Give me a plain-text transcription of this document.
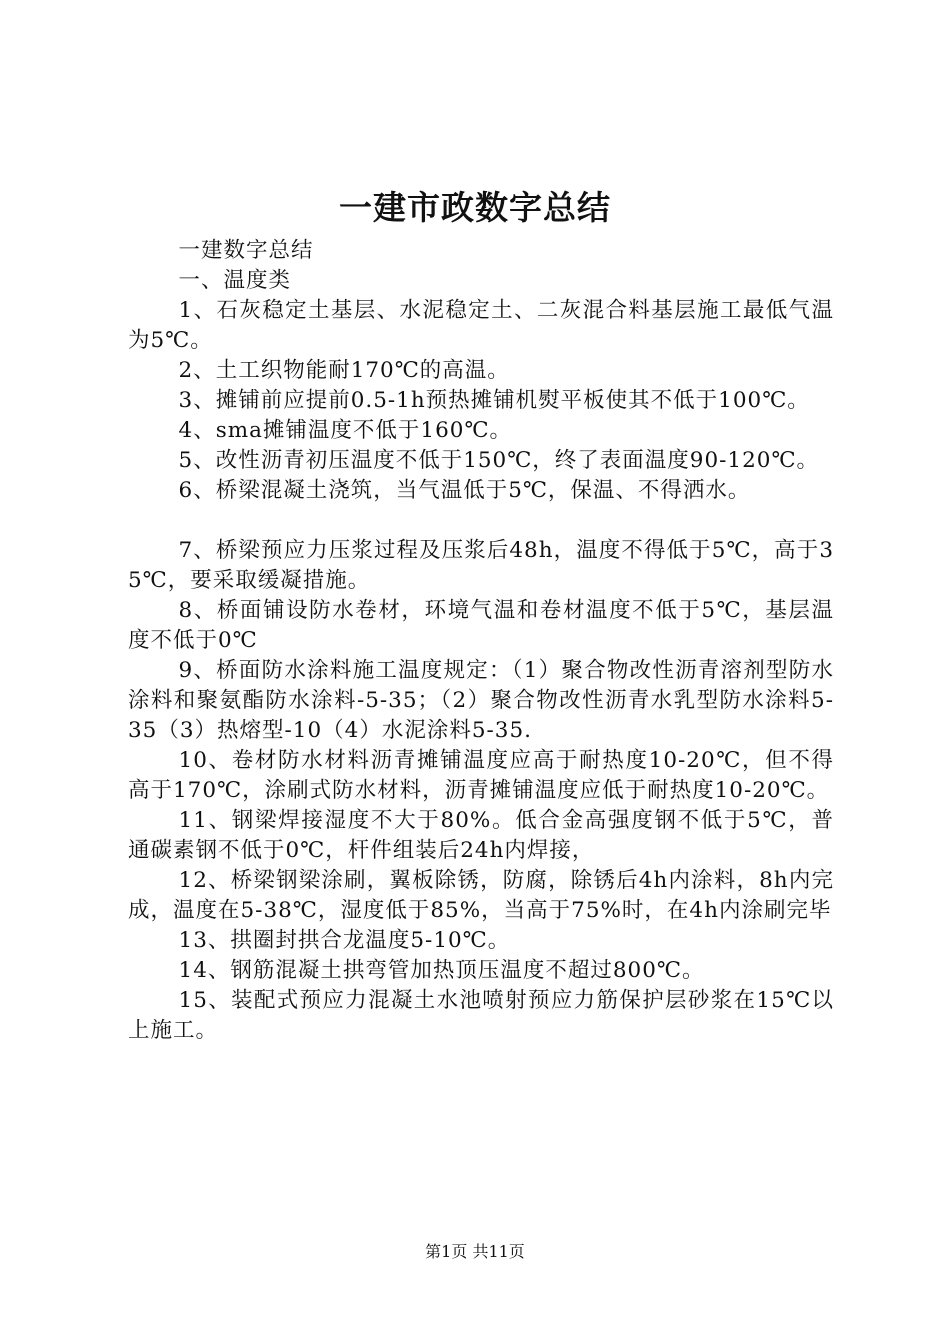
一建市政数字总结

一建数字总结

一、温度类

1、石灰稳定土基层、水泥稳定土、二灰混合料基层施工最低气温为5℃。

2、土工织物能耐170℃的高温。

3、摊铺前应提前0.5-1h预热摊铺机熨平板使其不低于100℃。

4、sma摊铺温度不低于160℃。

5、改性沥青初压温度不低于150℃，终了表面温度90-120℃。

6、桥梁混凝土浇筑，当气温低于5℃，保温、不得洒水。

7、桥梁预应力压浆过程及压浆后48h，温度不得低于5℃，高于35℃，要采取缓凝措施。

8、桥面铺设防水卷材，环境气温和卷材温度不低于5℃，基层温度不低于0℃

9、桥面防水涂料施工温度规定：（1）聚合物改性沥青溶剂型防水涂料和聚氨酯防水涂料-5-35；（2）聚合物改性沥青水乳型防水涂料5-35（3）热熔型-10（4）水泥涂料5-35.

10、卷材防水材料沥青摊铺温度应高于耐热度10-20℃，但不得高于170℃，涂刷式防水材料，沥青摊铺温度应低于耐热度10-20℃。

11、钢梁焊接湿度不大于80%。低合金高强度钢不低于5℃，普通碳素钢不低于0℃，杆件组装后24h内焊接，

12、桥梁钢梁涂刷，翼板除锈，防腐，除锈后4h内涂料，8h内完成，温度在5-38℃，湿度低于85%，当高于75%时，在4h内涂刷完毕

13、拱圈封拱合龙温度5-10℃。

14、钢筋混凝土拱弯管加热顶压温度不超过800℃。

15、装配式预应力混凝土水池喷射预应力筋保护层砂浆在15℃以上施工。

第1页 共11页
